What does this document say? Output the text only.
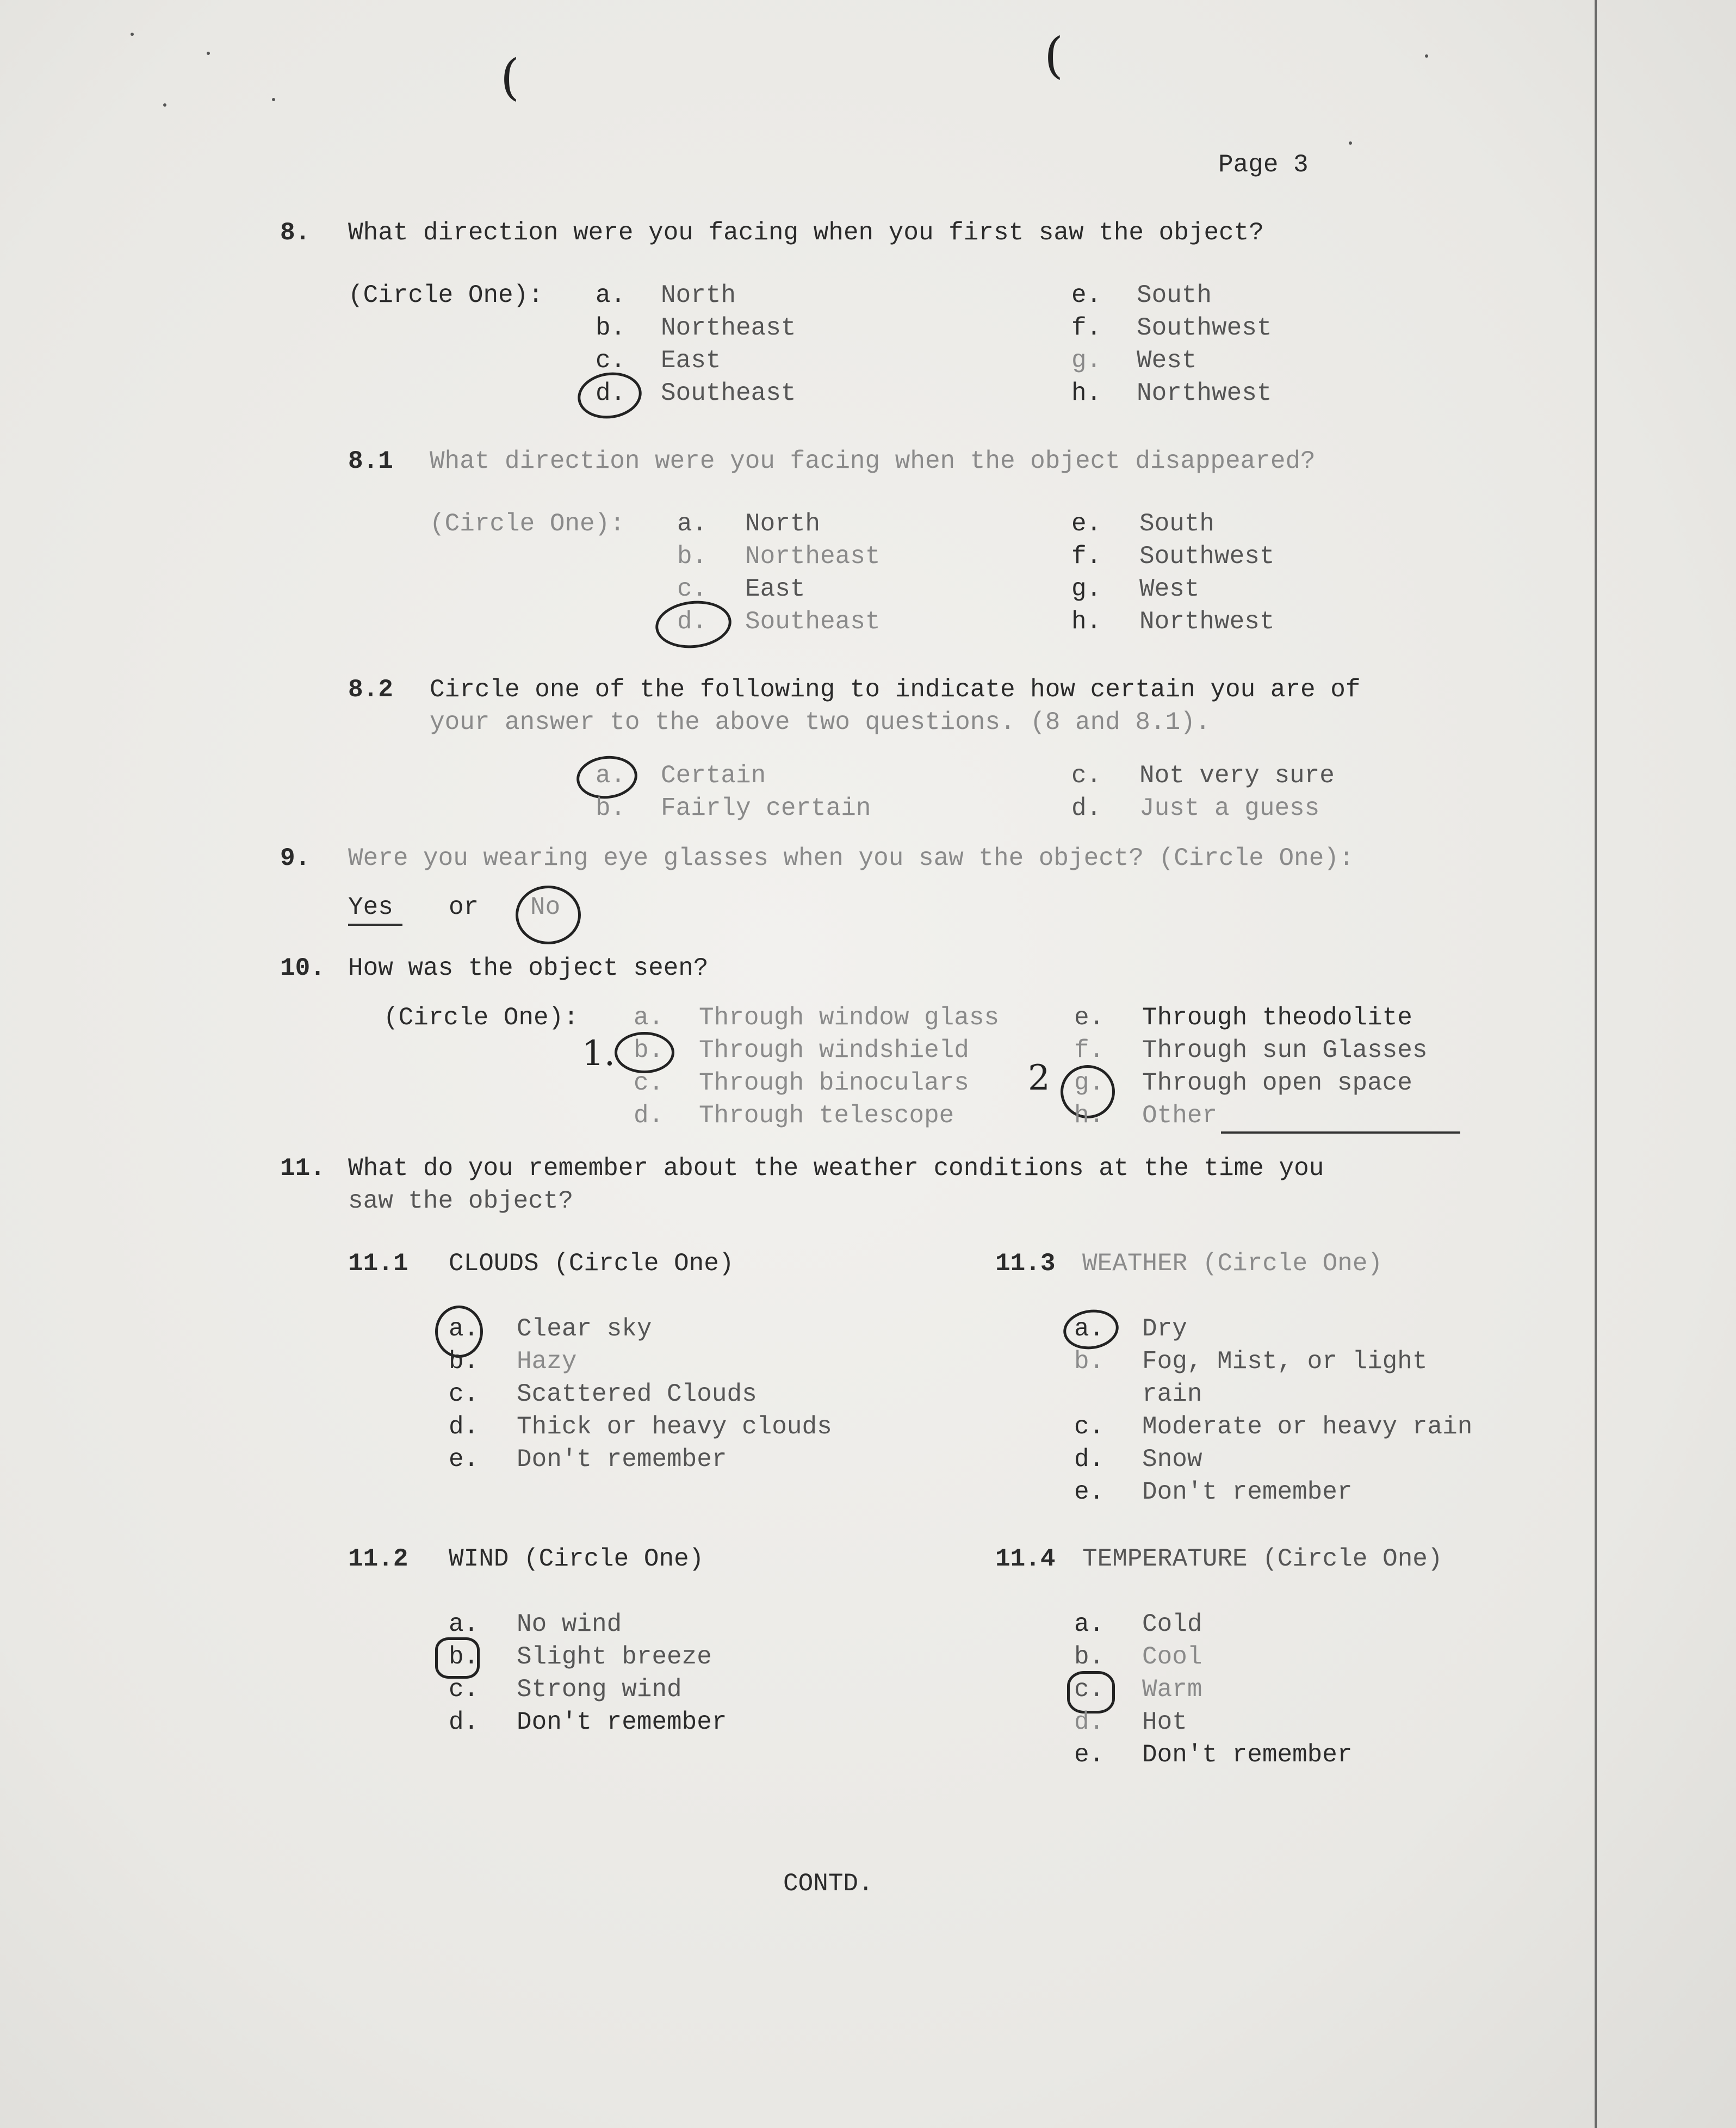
(	(
Page 3
8. What direction were you facing when you first saw the object?
(Circle One): a. North
b. Northeast
c. East
d. Southeast
e. South
f. Southwest
g. West
h. Northwest
8.1 What direction were you facing when the object disappeared?
(Circle One): a. North
b. Northeast
c. East
d. Southeast
e. South
f. Southwest
g. West
h. Northwest
8.2 Circle one of the following to indicate how certain you are of
your answer to the above two questions. (8 and 8.1).
a. Certain
b. Fairly certain
c. Not very sure
d. Just a guess
9. Were you wearing eye glasses when you saw the object? (Circle One):
Yes or No
10. How was the object seen?
(Circle One): a. Through window glass
1. b. Through windshield
c. Through binoculars
d. Through telescope
e. Through theodolite
f. Through sun Glasses
2 g. Through open space
h. Other
11. What do you remember about the weather conditions at the time you
saw the object?
11.1 CLOUDS (Circle One)
a. Clear sky
b. Hazy
c. Scattered Clouds
d. Thick or heavy clouds
e. Don't remember
11.3 WEATHER (Circle One)
a. Dry
b. Fog, Mist, or light
rain
c. Moderate or heavy rain
d. Snow
e. Don't remember
11.2 WIND (Circle One)
a. No wind
b. Slight breeze
c. Strong wind
d. Don't remember
11.4 TEMPERATURE (Circle One)
a. Cold
b. Cool
c. Warm
d. Hot
e. Don't remember
CONTD.
